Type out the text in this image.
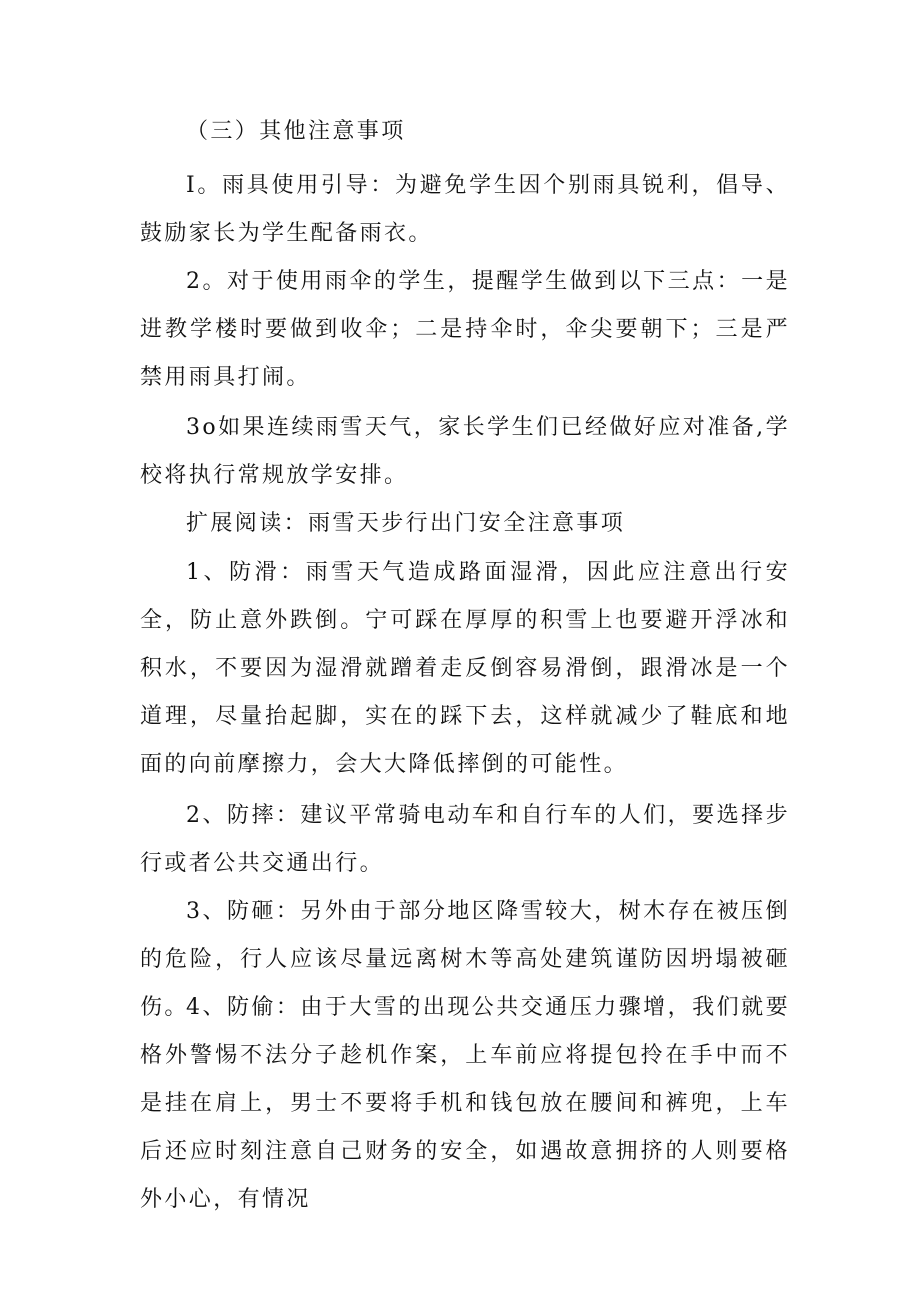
（三）其他注意事项

I。雨具使用引导：为避免学生因个别雨具锐利，倡导、鼓励家长为学生配备雨衣。

2。对于使用雨伞的学生，提醒学生做到以下三点：一是进教学楼时要做到收伞；二是持伞时，伞尖要朝下；三是严禁用雨具打闹。

3o如果连续雨雪天气，家长学生们已经做好应对准备,学校将执行常规放学安排。

扩展阅读：雨雪天步行出门安全注意事项

1、防滑：雨雪天气造成路面湿滑，因此应注意出行安全，防止意外跌倒。宁可踩在厚厚的积雪上也要避开浮冰和积水，不要因为湿滑就蹭着走反倒容易滑倒，跟滑冰是一个道理，尽量抬起脚，实在的踩下去，这样就减少了鞋底和地面的向前摩擦力，会大大降低摔倒的可能性。

2、防摔：建议平常骑电动车和自行车的人们，要选择步行或者公共交通出行。

3、防砸：另外由于部分地区降雪较大，树木存在被压倒的危险，行人应该尽量远离树木等高处建筑谨防因坍塌被砸伤。

4、防偷：由于大雪的出现公共交通压力骤增，我们就要格外警惕不法分子趁机作案，上车前应将提包拎在手中而不是挂在肩上，男士不要将手机和钱包放在腰间和裤兜，上车后还应时刻注意自己财务的安全，如遇故意拥挤的人则要格外小心，有情况
